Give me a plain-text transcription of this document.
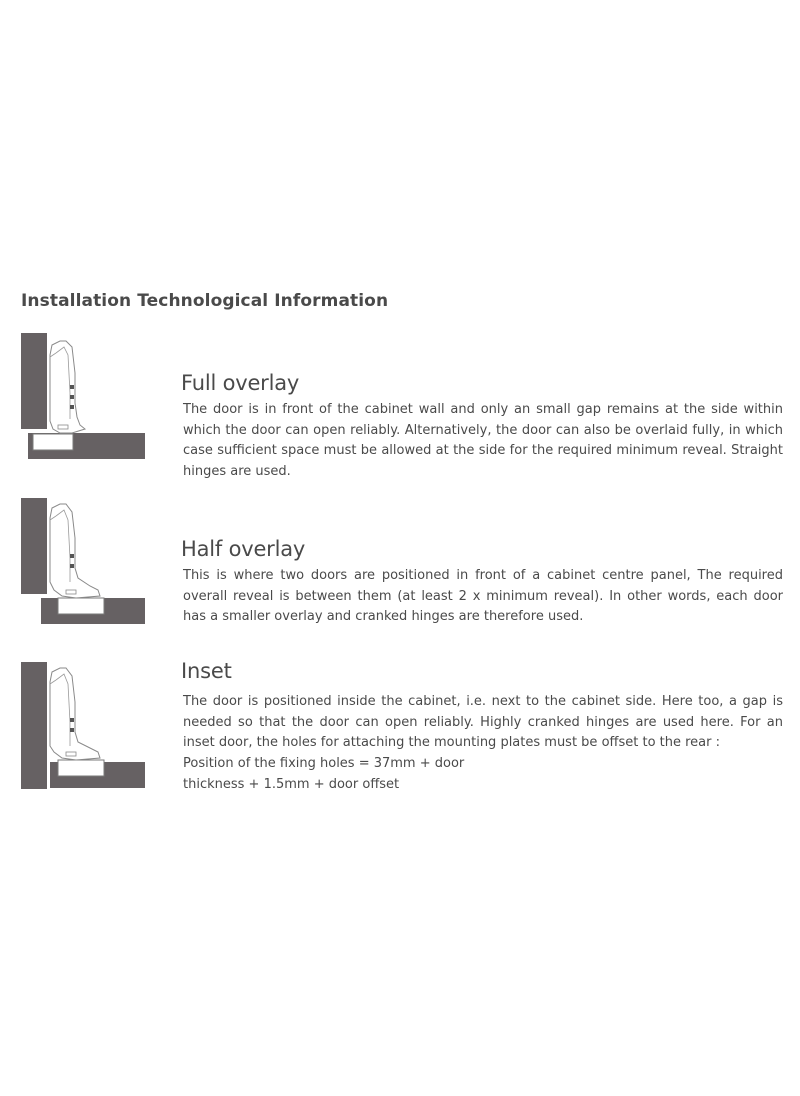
Installation Technological Information
Full overlay

The door is in front of the cabinet wall and only an small gap remains at the side within which the door can open reliably. Alternatively, the door can also be overlaid fully, in which case sufficient space must be allowed at the side for the required minimum reveal. Straight hinges are used.

Half overlay

This is where two doors are positioned in front of a cabinet centre panel, The required overall reveal is between them (at least 2 x minimum reveal). In other words, each door has a smaller overlay and cranked hinges are therefore used.

Inset

The door is positioned inside the cabinet, i.e. next to the cabinet side. Here too, a gap is needed so that the door can open reliably. Highly cranked hinges are used here. For an inset door, the holes for attaching the mounting plates must be offset to the rear :

Position of the fixing holes = 37mm + door
thickness + 1.5mm + door offset
